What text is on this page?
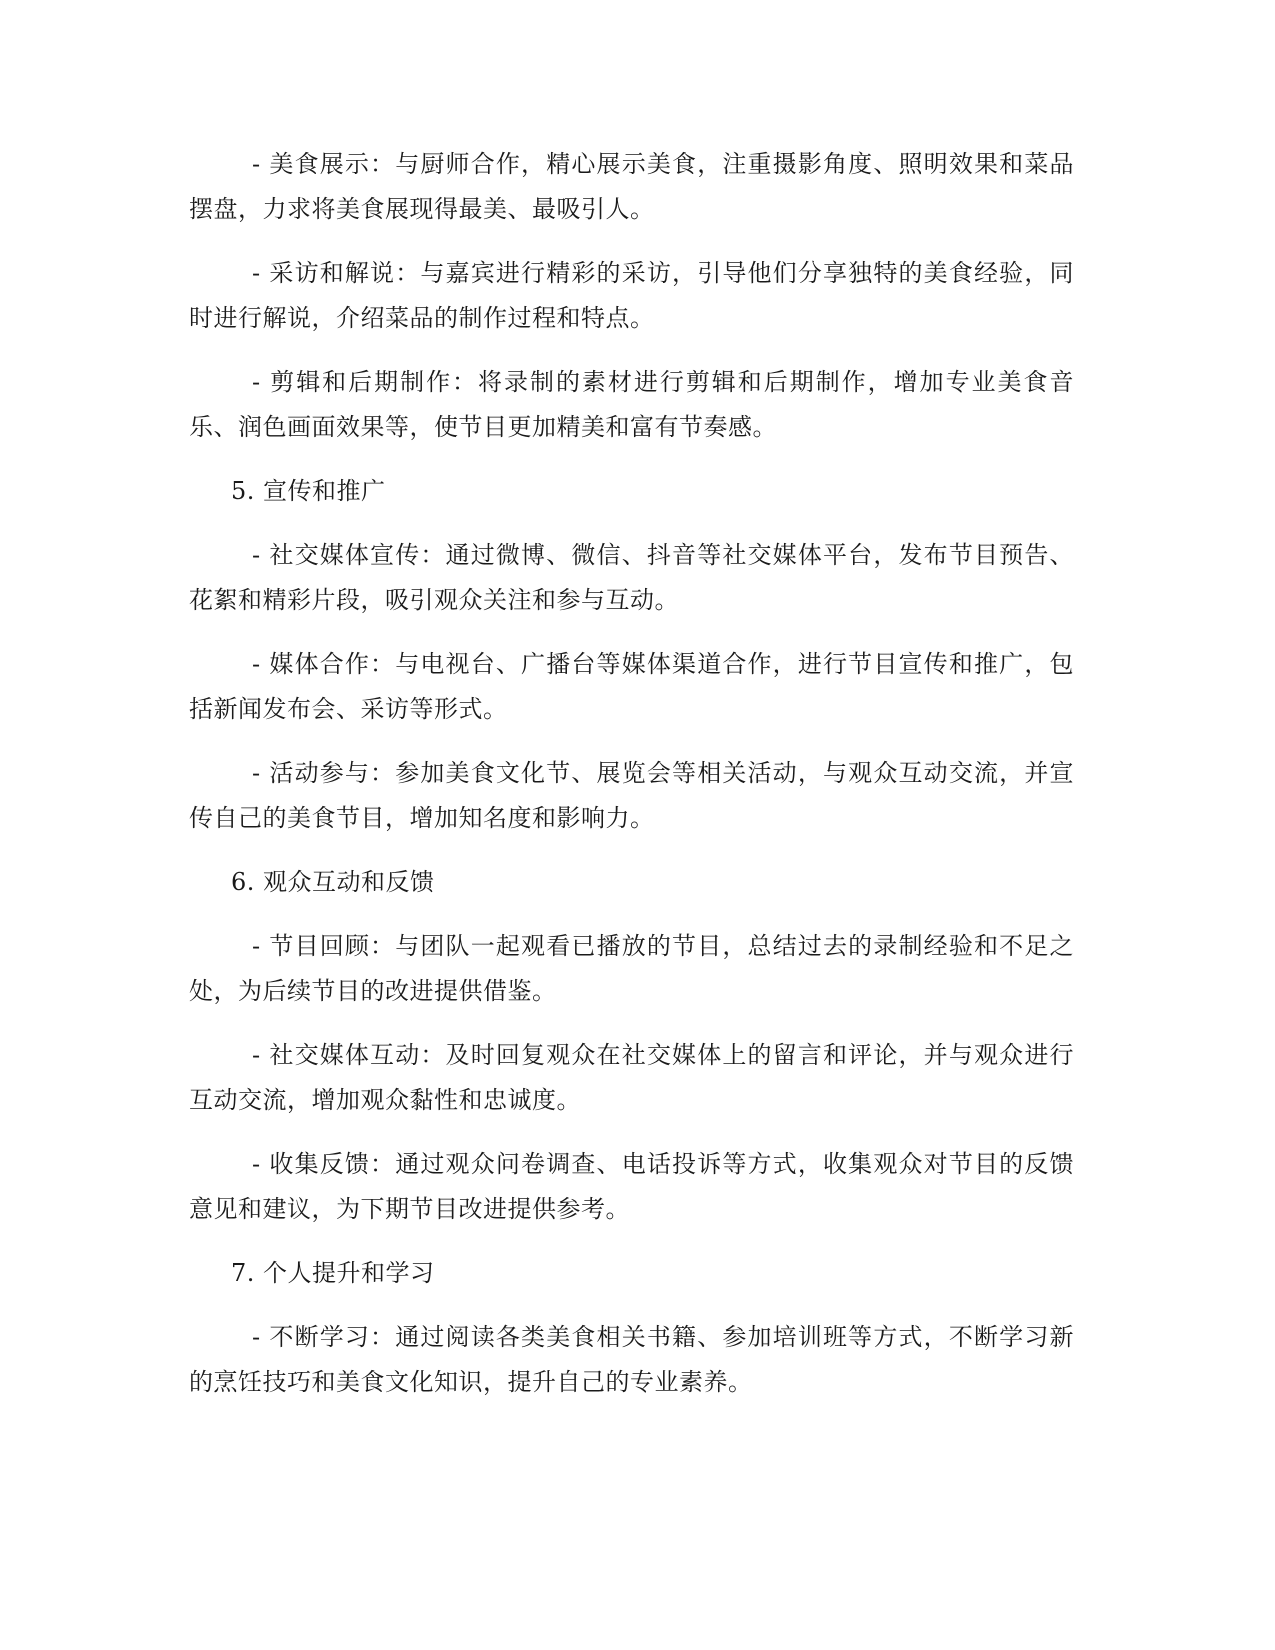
- 美食展示：与厨师合作，精心展示美食，注重摄影角度、照明效果和菜品摆盘，力求将美食展现得最美、最吸引人。

- 采访和解说：与嘉宾进行精彩的采访，引导他们分享独特的美食经验，同时进行解说，介绍菜品的制作过程和特点。

- 剪辑和后期制作：将录制的素材进行剪辑和后期制作，增加专业美食音乐、润色画面效果等，使节目更加精美和富有节奏感。

5. 宣传和推广

- 社交媒体宣传：通过微博、微信、抖音等社交媒体平台，发布节目预告、花絮和精彩片段，吸引观众关注和参与互动。

- 媒体合作：与电视台、广播台等媒体渠道合作，进行节目宣传和推广，包括新闻发布会、采访等形式。

- 活动参与：参加美食文化节、展览会等相关活动，与观众互动交流，并宣传自己的美食节目，增加知名度和影响力。

6. 观众互动和反馈

- 节目回顾：与团队一起观看已播放的节目，总结过去的录制经验和不足之处，为后续节目的改进提供借鉴。

- 社交媒体互动：及时回复观众在社交媒体上的留言和评论，并与观众进行互动交流，增加观众黏性和忠诚度。

- 收集反馈：通过观众问卷调查、电话投诉等方式，收集观众对节目的反馈意见和建议，为下期节目改进提供参考。

7. 个人提升和学习

- 不断学习：通过阅读各类美食相关书籍、参加培训班等方式，不断学习新的烹饪技巧和美食文化知识，提升自己的专业素养。
